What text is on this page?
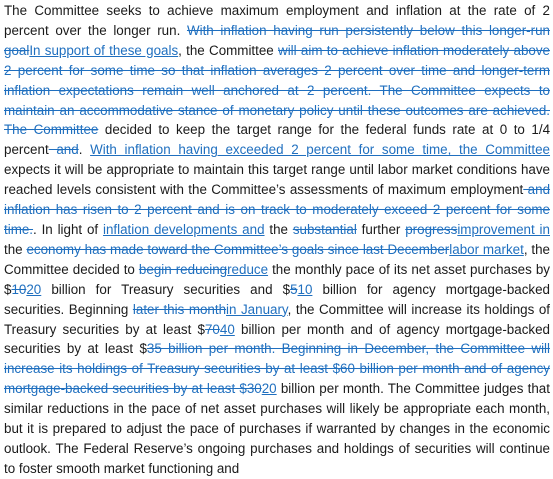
The Committee seeks to achieve maximum employment and inflation at the rate of 2 percent over the longer run. With inflation having run persistently below this longer-run goalIn support of these goals, the Committee will aim to achieve inflation moderately above 2 percent for some time so that inflation averages 2 percent over time and longer-term inflation expectations remain well anchored at 2 percent. The Committee expects to maintain an accommodative stance of monetary policy until these outcomes are achieved. The Committee decided to keep the target range for the federal funds rate at 0 to 1/4 percent and. With inflation having exceeded 2 percent for some time, the Committee expects it will be appropriate to maintain this target range until labor market conditions have reached levels consistent with the Committee’s assessments of maximum employment and inflation has risen to 2 percent and is on track to moderately exceed 2 percent for some time.. In light of inflation developments and the substantial further progressimprovement in the economy has made toward the Committee’s goals since last Decemberlabor market, the Committee decided to begin reducingreduce the monthly pace of its net asset purchases by $1020 billion for Treasury securities and $510 billion for agency mortgage-backed securities. Beginning later this monthin January, the Committee will increase its holdings of Treasury securities by at least $7040 billion per month and of agency mortgage-backed securities by at least $35 billion per month. Beginning in December, the Committee will increase its holdings of Treasury securities by at least $60 billion per month and of agency mortgage-backed securities by at least $3020 billion per month. The Committee judges that similar reductions in the pace of net asset purchases will likely be appropriate each month, but it is prepared to adjust the pace of purchases if warranted by changes in the economic outlook. The Federal Reserve’s ongoing purchases and holdings of securities will continue to foster smooth market functioning and
